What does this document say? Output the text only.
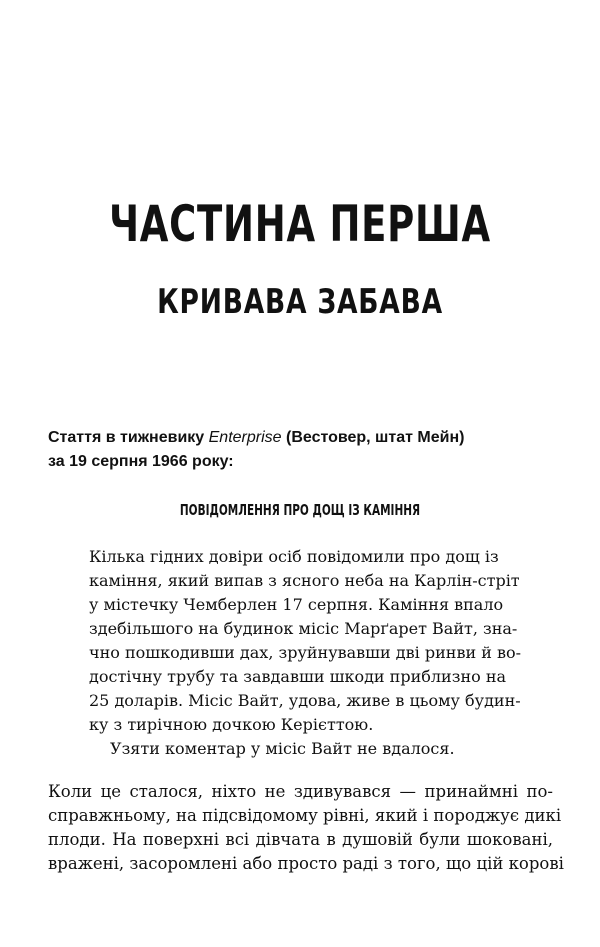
ЧАСТИНА ПЕРША
КРИВАВА ЗАБАВА
Стаття в тижневику Enterprise (Вестовер, штат Мейн)
за 19 серпня 1966 року:
ПОВІДОМЛЕННЯ ПРО ДОЩ ІЗ КАМІННЯ
Кілька гідних довіри осіб повідомили про дощ із
каміння, який випав з ясного неба на Карлін-стріт
у містечку Чемберлен 17 серпня. Каміння впало
здебільшого на будинок місіс Марґарет Вайт, зна-
чно пошкодивши дах, зруйнувавши дві ринви й во-
достічну трубу та завдавши шкоди приблизно на
25 доларів. Місіс Вайт, удова, живе в цьому будин-
ку з тирічною дочкою Керієттою.
Узяти коментар у місіс Вайт не вдалося.
Коли це сталося, ніхто не здивувався — принаймні по-
справжньому, на підсвідомому рівні, який і породжує дикі
плоди. На поверхні всі дівчата в душовій були шоковані,
вражені, засоромлені або просто раді з того, що цій корові
